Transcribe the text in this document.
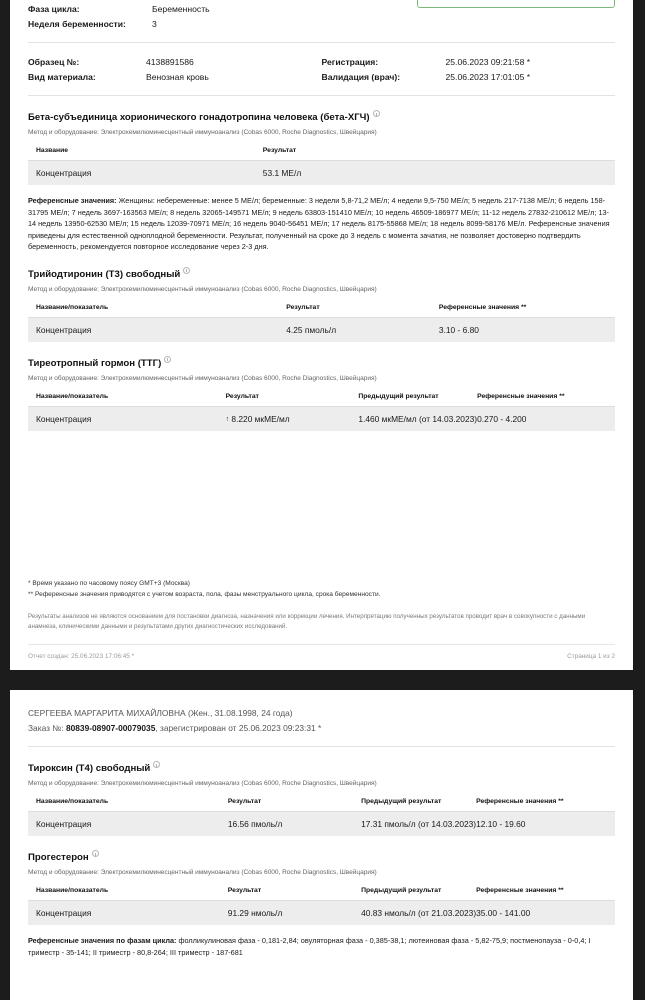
Фаза цикла:	Беременность
Неделя беременности:	3
Образец №:	4138891586
Вид материала:	Венозная кровь
Регистрация:	25.06.2023 09:21:58 *
Валидация (врач):	25.06.2023 17:01:05 *
Бета-субъединица хорионического гонадотропина человека (бета-ХГЧ)
Метод и оборудование: Электрохемилюминесцентный иммуноанализ (Cobas 6000, Roche Diagnostics, Швейцария)
Название	Результат
Концентрация	53.1 МЕ/л
Референсные значения: Женщины: небеременные: менее 5 МЕ/л; беременные: 3 недели 5,8-71,2 МЕ/л; 4 недели 9,5-750 МЕ/л; 5 недель 217-7138 МЕ/л; 6 недель 158-31795 МЕ/л; 7 недель 3697-163563 МЕ/л; 8 недель 32065-149571 МЕ/л; 9 недель 63803-151410 МЕ/л; 10 недель 46509-186977 МЕ/л; 11-12 недель 27832-210612 МЕ/л; 13-14 недель 13950-62530 МЕ/л; 15 недель 12039-70971 МЕ/л; 16 недель 9040-56451 МЕ/л; 17 недель 8175-55868 МЕ/л; 18 недель 8099-58176 МЕ/л. Референсные значения приведены для естественной одноплодной беременности. Результат, полученный на сроке до 3 недель с момента зачатия, не позволяет достоверно подтвердить беременность, рекомендуется повторное исследование через 2-3 дня.
Трийодтиронин (Т3) свободный
Метод и оборудование: Электрохемилюминесцентный иммуноанализ (Cobas 6000, Roche Diagnostics, Швейцария)
Название/показатель	Результат	Референсные значения **
Концентрация	4.25 пмоль/л	3.10 - 6.80
Тиреотропный гормон (ТТГ)
Метод и оборудование: Электрохемилюминесцентный иммуноанализ (Cobas 6000, Roche Diagnostics, Швейцария)
Название/показатель	Результат	Предыдущий результат	Референсные значения **
Концентрация	↑ 8.220 мкМЕ/мл	1.460 мкМЕ/мл (от 14.03.2023)	0.270 - 4.200
* Время указано по часовому поясу GMT+3 (Москва)
** Референсные значения приводятся с учетом возраста, пола, фазы менструального цикла, срока беременности.
Результаты анализов не являются основанием для постановки диагноза, назначения или коррекции лечения. Интерпретацию полученных результатов проводит врач в совокупности с данными анамнеза, клиническими данными и результатами других диагностических исследований.
Отчет создан: 25.06.2023 17:06:45 *	Страница 1 из 2
СЕРГЕЕВА МАРГАРИТА МИХАЙЛОВНА (Жен., 31.08.1998, 24 года)
Заказ №: 80839-08907-00079035, зарегистрирован от 25.06.2023 09:23:31 *
Тироксин (Т4) свободный
Метод и оборудование: Электрохемилюминесцентный иммуноанализ (Cobas 6000, Roche Diagnostics, Швейцария)
Название/показатель	Результат	Предыдущий результат	Референсные значения **
Концентрация	16.56 пмоль/л	17.31 пмоль/л (от 14.03.2023)	12.10 - 19.60
Прогестерон
Метод и оборудование: Электрохемилюминесцентный иммуноанализ (Cobas 6000, Roche Diagnostics, Швейцария)
Название/показатель	Результат	Предыдущий результат	Референсные значения **
Концентрация	91.29 нмоль/л	40.83 нмоль/л (от 21.03.2023)	35.00 - 141.00
Референсные значения по фазам цикла: фолликулиновая фаза - 0,181-2,84; овуляторная фаза - 0,385-38,1; лютеиновая фаза - 5,82-75,9; постменопауза - 0-0,4; I триместр - 35-141; II триместр - 80,8-264; III триместр - 187-681
